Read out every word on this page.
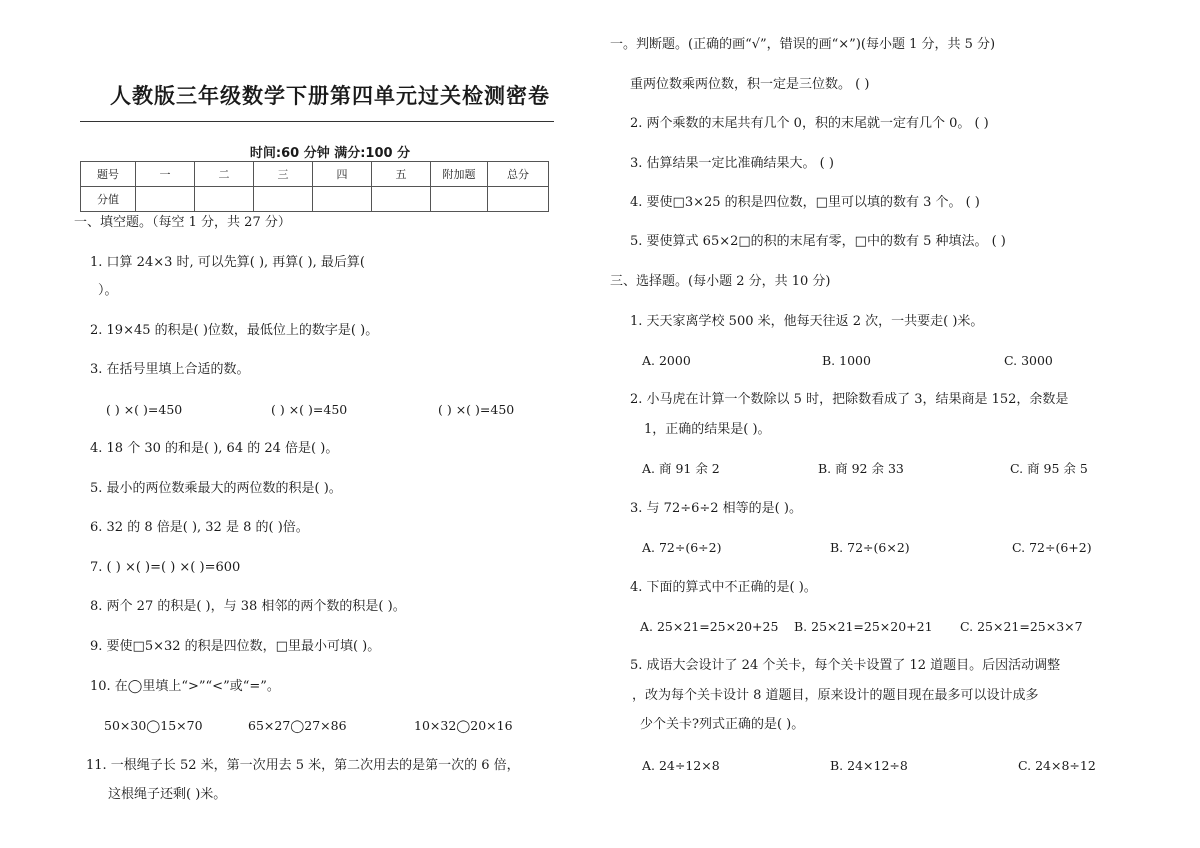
人教版三年级数学下册第四单元过关检测密卷
时间:60 分钟 满分:100 分
题号	一	二	三	四	五	附加题	总分
分值							
一、填空题。（每空 1 分，共 27 分）
1. 口算 24×3 时, 可以先算( ), 再算( ), 最后算(
）。
2. 19×45 的积是( )位数，最低位上的数字是( )。
3. 在括号里填上合适的数。
( ) ×( )=450	( ) ×( )=450	( ) ×( )=450
4. 18 个 30 的和是( ), 64 的 24 倍是( )。
5. 最小的两位数乘最大的两位数的积是( )。
6. 32 的 8 倍是( ), 32 是 8 的( )倍。
7. ( ) ×( )=( ) ×( )=600
8. 两个 27 的积是( )，与 38 相邻的两个数的积是( )。
9. 要使□5×32 的积是四位数，□里最小可填( )。
10. 在◯里填上“>”“<”或“=”。
50×30◯15×70	65×27◯27×86	10×32◯20×16
11. 一根绳子长 52 米，第一次用去 5 米，第二次用去的是第一次的 6 倍，
这根绳子还剩( )米。
一。判断题。(正确的画“√”，错误的画“×”)(每小题 1 分，共 5 分)
重两位数乘两位数，积一定是三位数。 ( )
2. 两个乘数的末尾共有几个 0，积的末尾就一定有几个 0。 ( )
3. 估算结果一定比准确结果大。 ( )
4. 要使□3×25 的积是四位数，□里可以填的数有 3 个。 ( )
5. 要使算式 65×2□的积的末尾有零，□中的数有 5 种填法。 ( )
三、选择题。(每小题 2 分，共 10 分)
1. 天天家离学校 500 米，他每天往返 2 次，一共要走( )米。
A. 2000	B. 1000	C. 3000
2. 小马虎在计算一个数除以 5 时，把除数看成了 3，结果商是 152，余数是
1，正确的结果是( )。
A. 商 91 余 2	B. 商 92 余 33	C. 商 95 余 5
3. 与 72÷6÷2 相等的是( )。
A. 72÷(6÷2)	B. 72÷(6×2)	C. 72÷(6+2)
4. 下面的算式中不正确的是( )。
A. 25×21=25×20+25 B. 25×21=25×20+21 C. 25×21=25×3×7
5. 成语大会设计了 24 个关卡，每个关卡设置了 12 道题目。后因活动调整
，改为每个关卡设计 8 道题目，原来设计的题目现在最多可以设计成多
少个关卡?列式正确的是( )。
A. 24÷12×8	B. 24×12÷8	C. 24×8÷12
